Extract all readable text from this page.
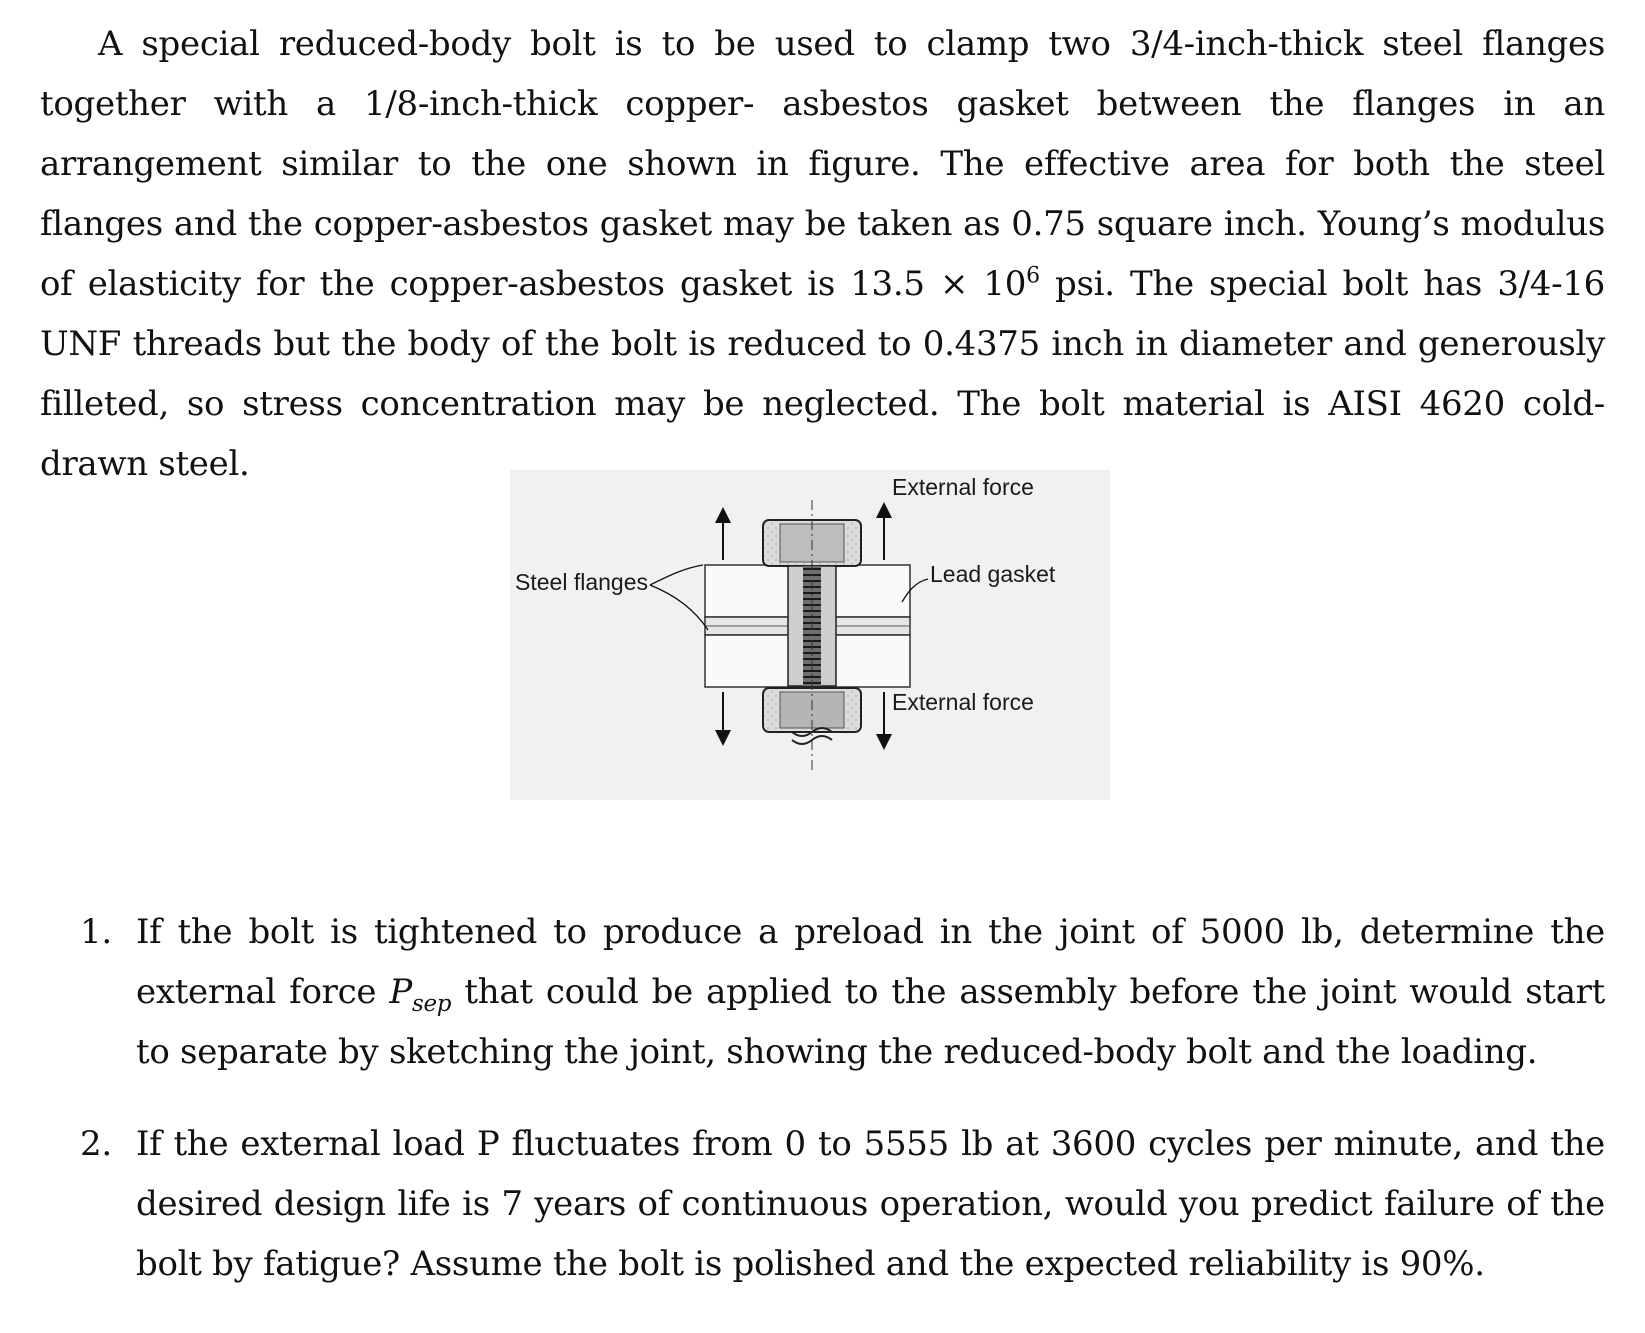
A special reduced-body bolt is to be used to clamp two 3/4-inch-thick steel flanges together with a 1/8-inch-thick copper- asbestos gasket between the flanges in an arrangement similar to the one shown in figure. The effective area for both the steel flanges and the copper-asbestos gasket may be taken as 0.75 square inch. Young’s modulus of elasticity for the copper-asbestos gasket is $13.5 \times 10^6$ psi. The special bolt has 3/4-16 UNF threads but the body of the bolt is reduced to 0.4375 inch in diameter and generously filleted, so stress concentration may be neglected. The bolt material is AISI 4620 cold-drawn steel.

External force
Lead gasket
Steel flanges
External force
1. If the bolt is tightened to produce a preload in the joint of 5000 lb, determine the external force $P_{sep}$ that could be applied to the assembly before the joint would start to separate by sketching the joint, showing the reduced-body bolt and the loading.
2. If the external load P fluctuates from 0 to 5555 lb at 3600 cycles per minute, and the desired design life is 7 years of continuous operation, would you predict failure of the bolt by fatigue? Assume the bolt is polished and the expected reliability is 90%.
